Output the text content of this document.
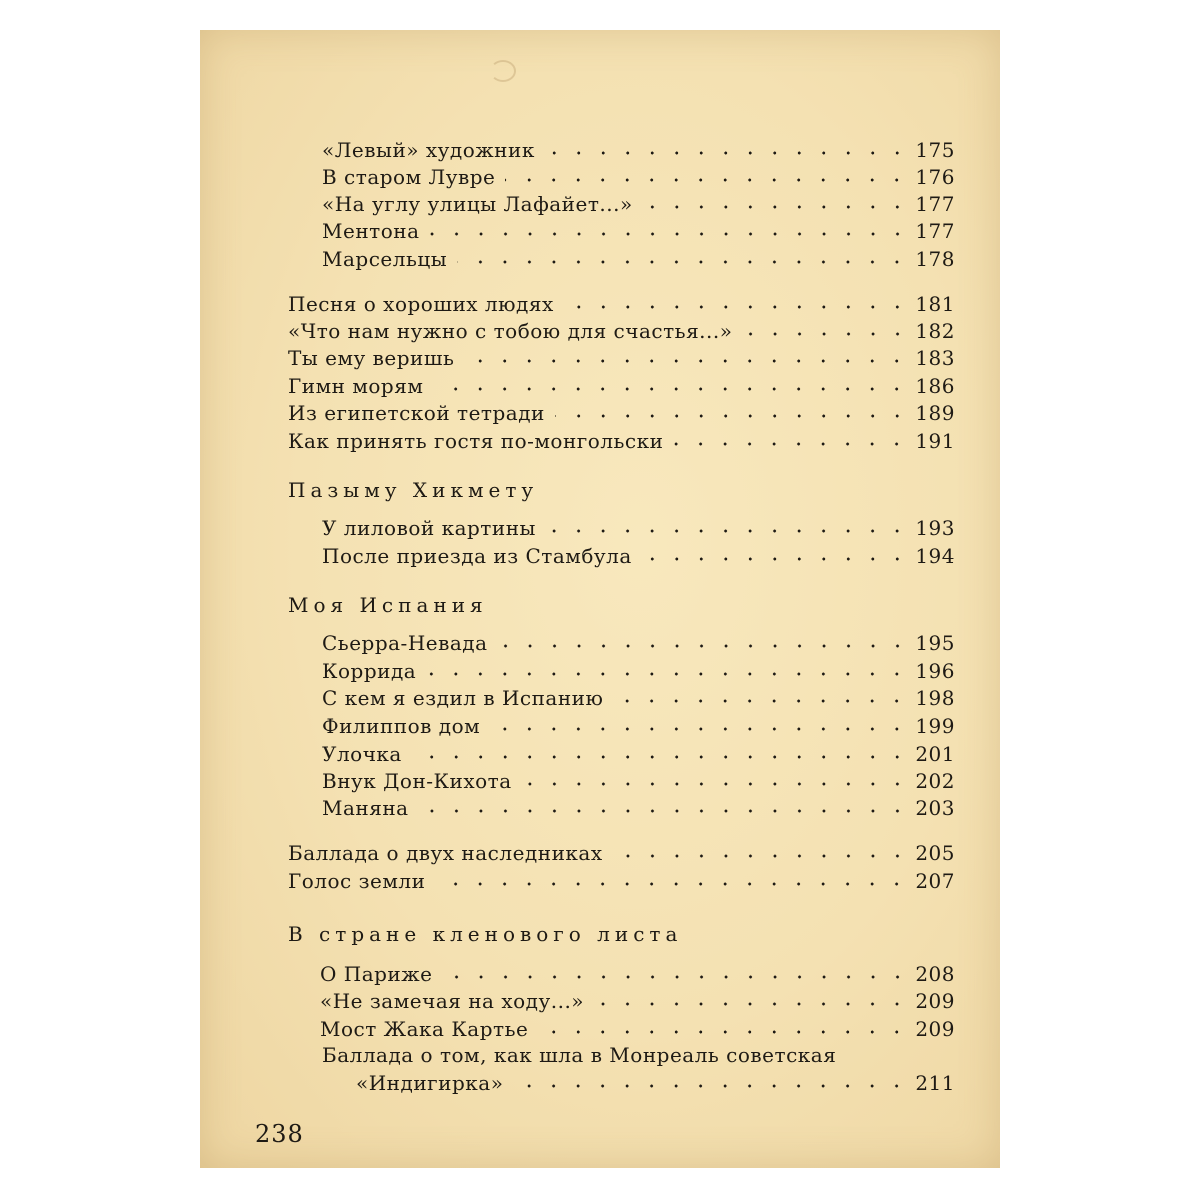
«Левый» художник	175
В старом Лувре	176
«На углу улицы Лафайет...»	177
Ментона	177
Марсельцы	178
Песня о хороших людях	181
«Что нам нужно с тобою для счастья...»	182
Ты ему веришь	183
Гимн морям	186
Из египетской тетради	189
Как принять гостя по-монгольски	191
Пазыму Хикмету
У лиловой картины	193
После приезда из Стамбула	194
Моя Испания
Сьерра-Невада	195
Коррида	196
С кем я ездил в Испанию	198
Филиппов дом	199
Улочка	201
Внук Дон-Кихота	202
Маняна	203
Баллада о двух наследниках	205
Голос земли	207
В стране кленового листа
О Париже	208
«Не замечая на ходу...»	209
Мост Жака Картье	209
Баллада о том, как шла в Монреаль советская
«Индигирка»	211
238
